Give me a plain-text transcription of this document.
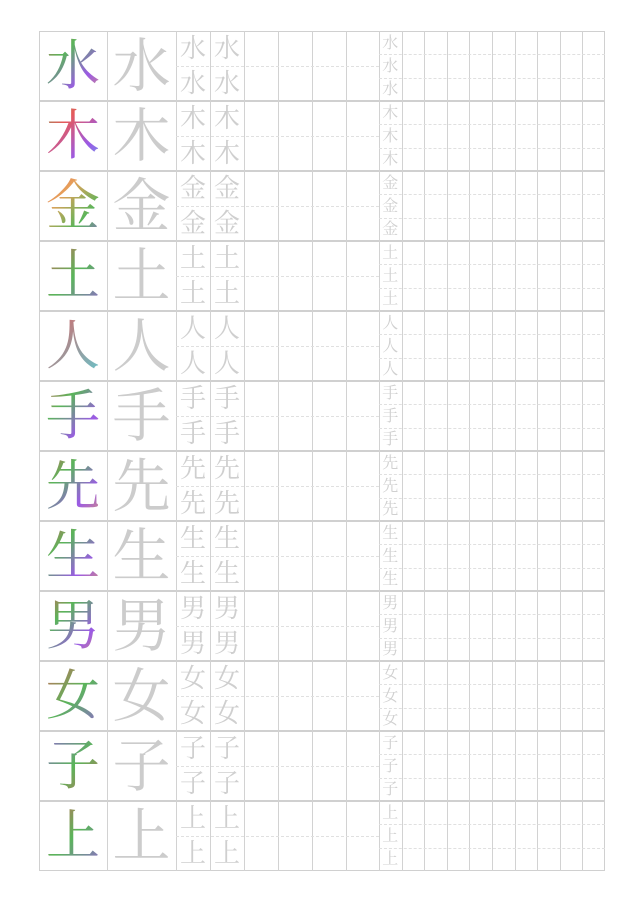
水 水 水
水
水
水
水
水
水
木 木 木
木
木
木
木
木
木
金 金 金
金
金
金
金
金
金
土 土 土
土
土
土
土
土
土
人 人 人
人
人
人
人
人
人
手 手 手
手
手
手
手
手
手
先 先 先
先
先
先
先
先
先
生 生 生
生
生
生
生
生
生
男 男 男
男
男
男
男
男
男
女 女 女
女
女
女
女
女
女
子 子 子
子
子
子
子
子
子
上 上 上
上
上
上
上
上
上
